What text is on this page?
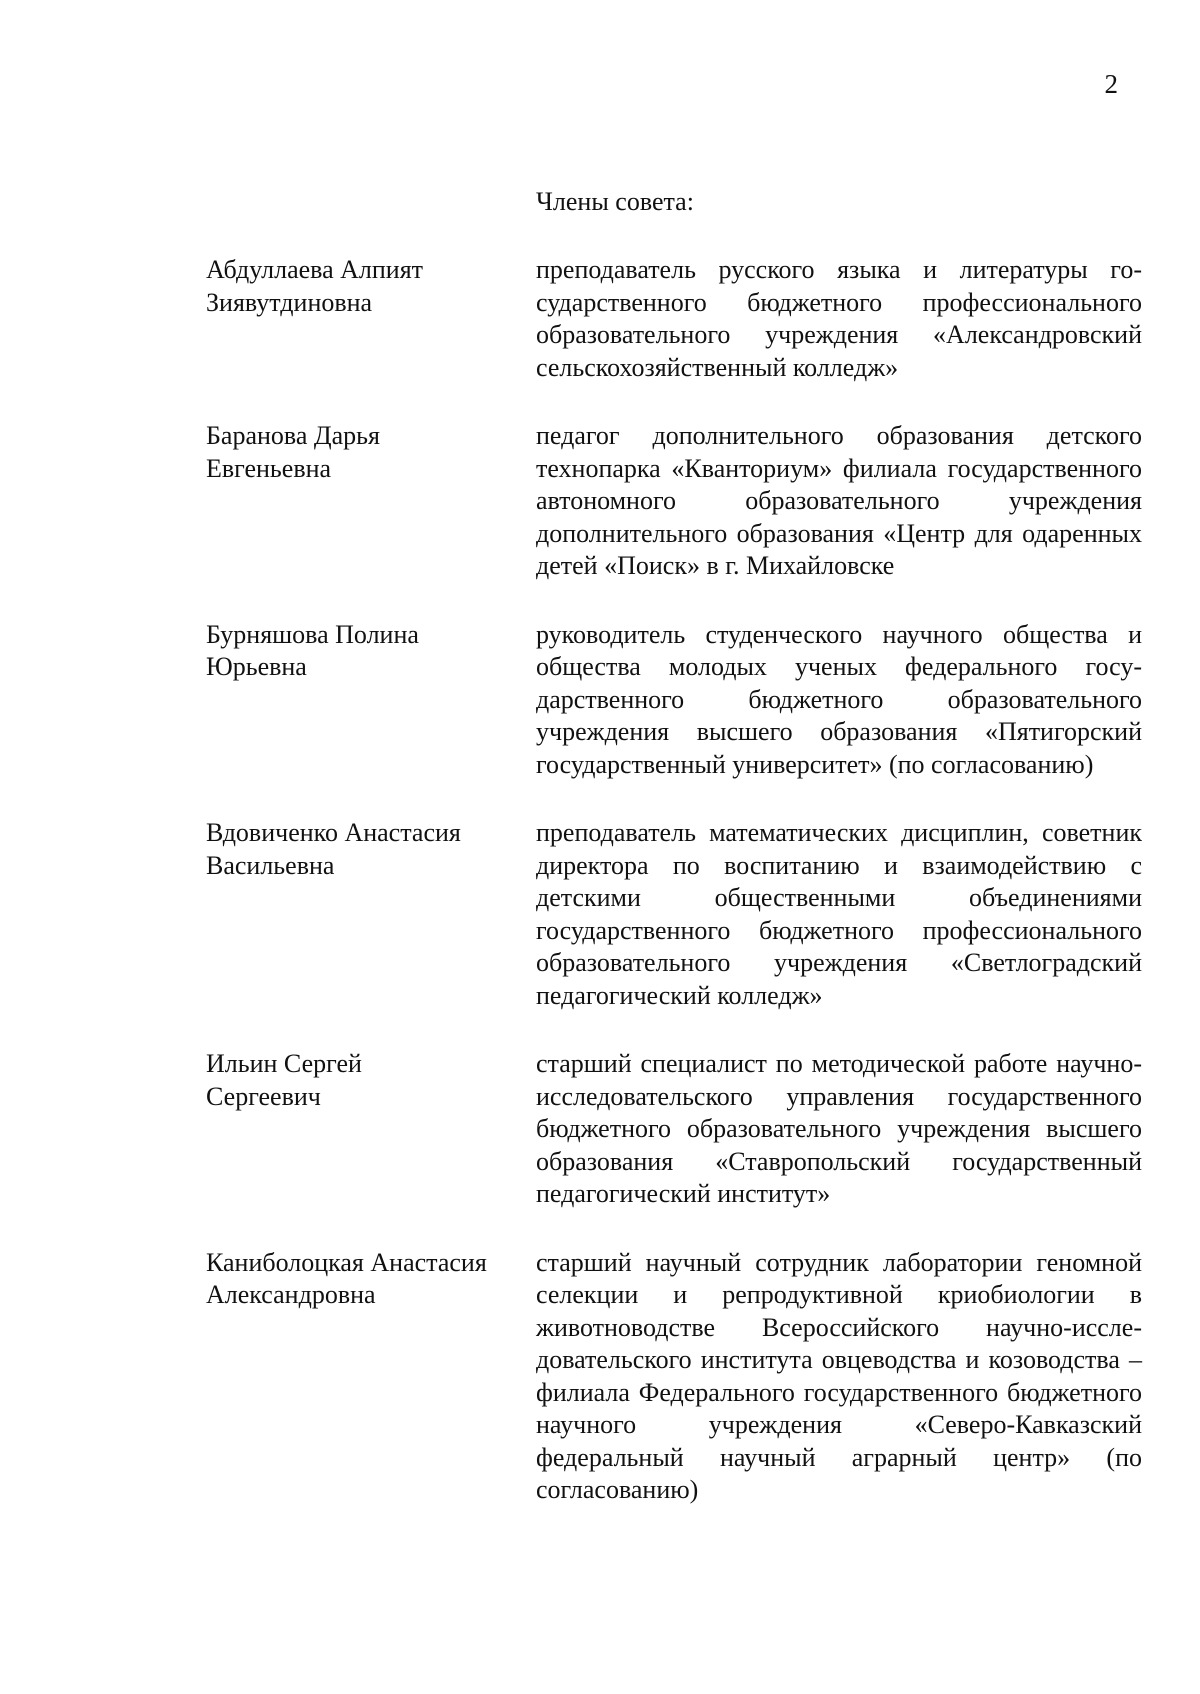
2
Члены совета:
Абдуллаева Алпият
Зиявутдиновна
преподаватель русского языка и литературы государственного бюджетного профессионального образовательного учреждения «Александровский сельскохозяйственный колледж»
Баранова Дарья
Евгеньевна
педагог дополнительного образования детского технопарка «Кванториум» филиала государственного автономного образовательного учреждения дополнительного образования «Центр для одаренных детей «Поиск» в г. Михайловске
Бурняшова Полина
Юрьевна
руководитель студенческого научного общества и общества молодых ученых федерального государственного бюджетного образовательного учреждения высшего образования «Пятигорский государственный университет» (по согласованию)
Вдовиченко Анастасия
Васильевна
преподаватель математических дисциплин, советник директора по воспитанию и взаимодействию с детскими общественными объединениями государственного бюджетного профессионального образовательного учреждения «Светлоградский педагогический колледж»
Ильин Сергей
Сергеевич
старший специалист по методической работе научно-исследовательского управления государственного бюджетного образовательного учреждения высшего образования «Ставропольский государственный педагогический институт»
Каниболоцкая Анастасия
Александровна
старший научный сотрудник лаборатории геномной селекции и репродуктивной криобиологии в животноводстве Всероссийского научно-исследовательского института овцеводства и козоводства – филиала Федерального государственного бюджетного научного учреждения «Северо-Кавказский федеральный научный аграрный центр» (по согласованию)
